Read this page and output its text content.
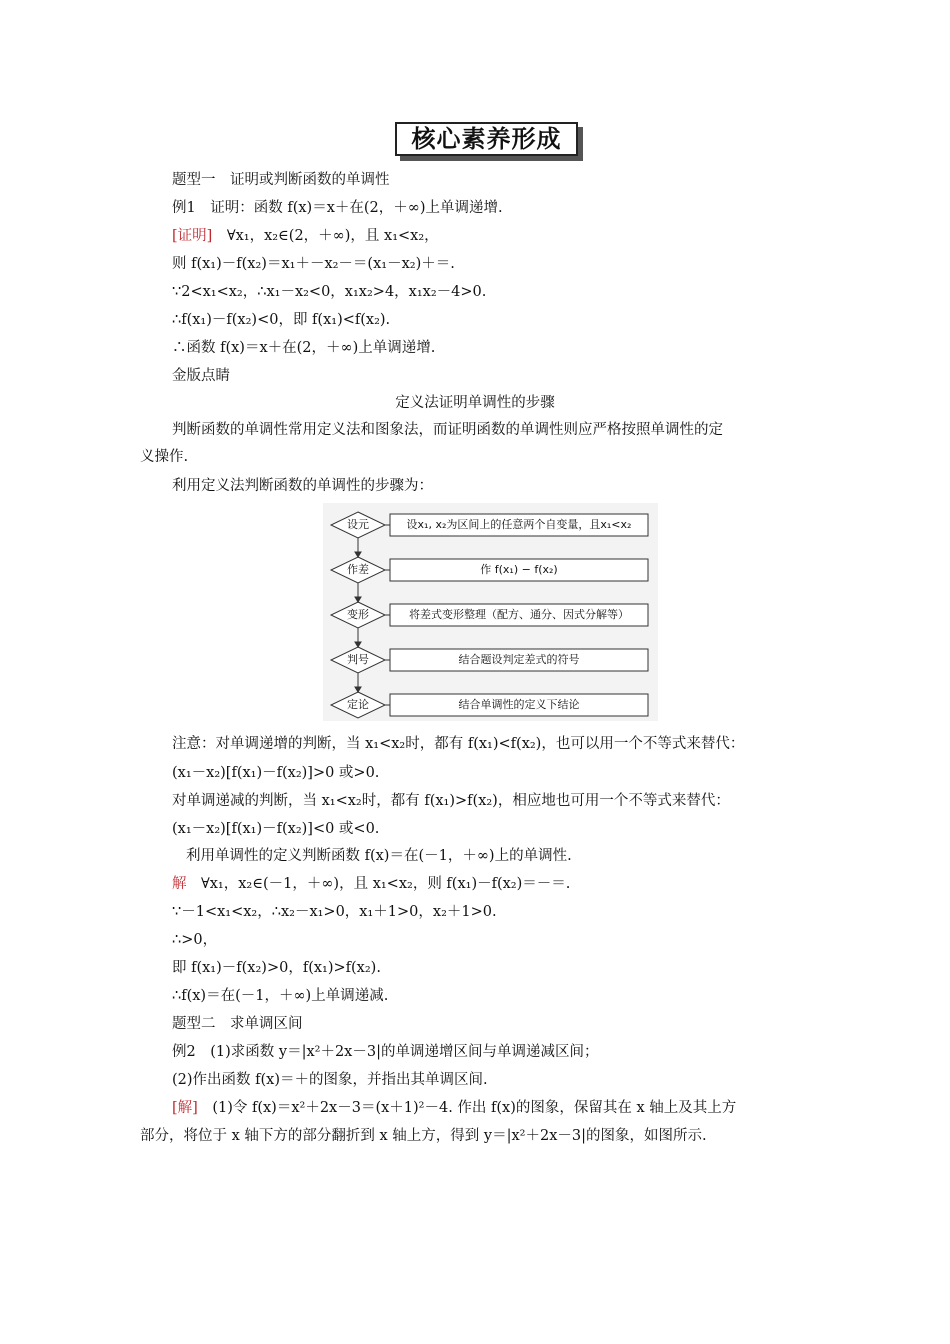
核心素养形成
题型一　证明或判断函数的单调性
例1　证明：函数 f(x)＝x＋在(2，＋∞)上单调递增.
[证明]　∀x₁，x₂∈(2，＋∞)，且 x₁<x₂，
则 f(x₁)－f(x₂)＝x₁＋－x₂－＝(x₁－x₂)＋＝.
∵2<x₁<x₂，∴x₁－x₂<0，x₁x₂>4，x₁x₂－4>0.
∴f(x₁)－f(x₂)<0，即 f(x₁)<f(x₂).
∴函数 f(x)＝x＋在(2，＋∞)上单调递增.
金版点睛
定义法证明单调性的步骤
判断函数的单调性常用定义法和图象法，而证明函数的单调性则应严格按照单调性的定
义操作.
利用定义法判断函数的单调性的步骤为：
设元
作差
变形
判号
定论
设x₁, x₂为区间上的任意两个自变量，且x₁<x₂
作 f(x₁) − f(x₂)
将差式变形整理（配方、通分、因式分解等）
结合题设判定差式的符号
结合单调性的定义下结论
注意：对单调递增的判断，当 x₁<x₂时，都有 f(x₁)<f(x₂)，也可以用一个不等式来替代：
(x₁－x₂)[f(x₁)－f(x₂)]>0 或>0.
对单调递减的判断，当 x₁<x₂时，都有 f(x₁)>f(x₂)，相应地也可用一个不等式来替代：
(x₁－x₂)[f(x₁)－f(x₂)]<0 或<0.
利用单调性的定义判断函数 f(x)＝在(－1，＋∞)上的单调性.
解　∀x₁，x₂∈(－1，＋∞)，且 x₁<x₂，则 f(x₁)－f(x₂)＝－＝.
∵－1<x₁<x₂，∴x₂－x₁>0，x₁＋1>0，x₂＋1>0.
∴>0，
即 f(x₁)－f(x₂)>0，f(x₁)>f(x₂).
∴f(x)＝在(－1，＋∞)上单调递减.
题型二　求单调区间
例2　(1)求函数 y＝|x²＋2x－3|的单调递增区间与单调递减区间；
(2)作出函数 f(x)＝＋的图象，并指出其单调区间.
[解]　(1)令 f(x)＝x²＋2x－3＝(x＋1)²－4. 作出 f(x)的图象，保留其在 x 轴上及其上方
部分，将位于 x 轴下方的部分翻折到 x 轴上方，得到 y＝|x²＋2x－3|的图象，如图所示.
